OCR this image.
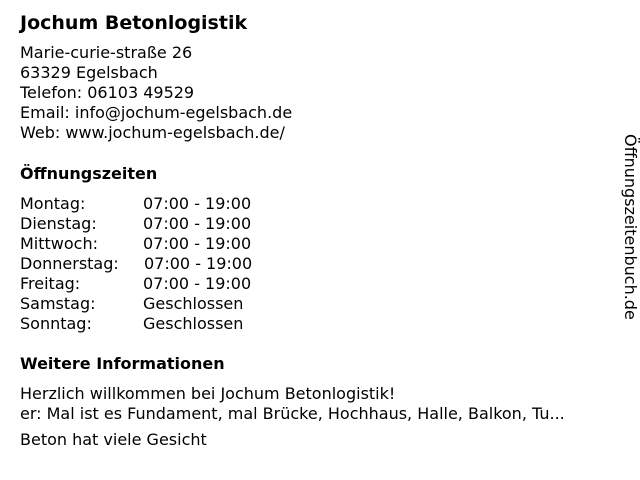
Jochum Betonlogistik
Marie-curie-straße 26
63329 Egelsbach
Telefon: 06103 49529
Email: info@jochum-egelsbach.de
Web: www.jochum-egelsbach.de/
Öffnungszeiten
Montag:	07:00 - 19:00
Dienstag:	07:00 - 19:00
Mittwoch:	07:00 - 19:00
Donnerstag: 07:00 - 19:00
Freitag:	07:00 - 19:00
Samstag:	Geschlossen
Sonntag:	Geschlossen
Weitere Informationen
Herzlich willkommen bei Jochum Betonlogistik!
er: Mal ist es Fundament, mal Brücke, Hochhaus, Halle, Balkon, Tu...
Beton hat viele Gesicht
Öffnungszeitenbuch.de
